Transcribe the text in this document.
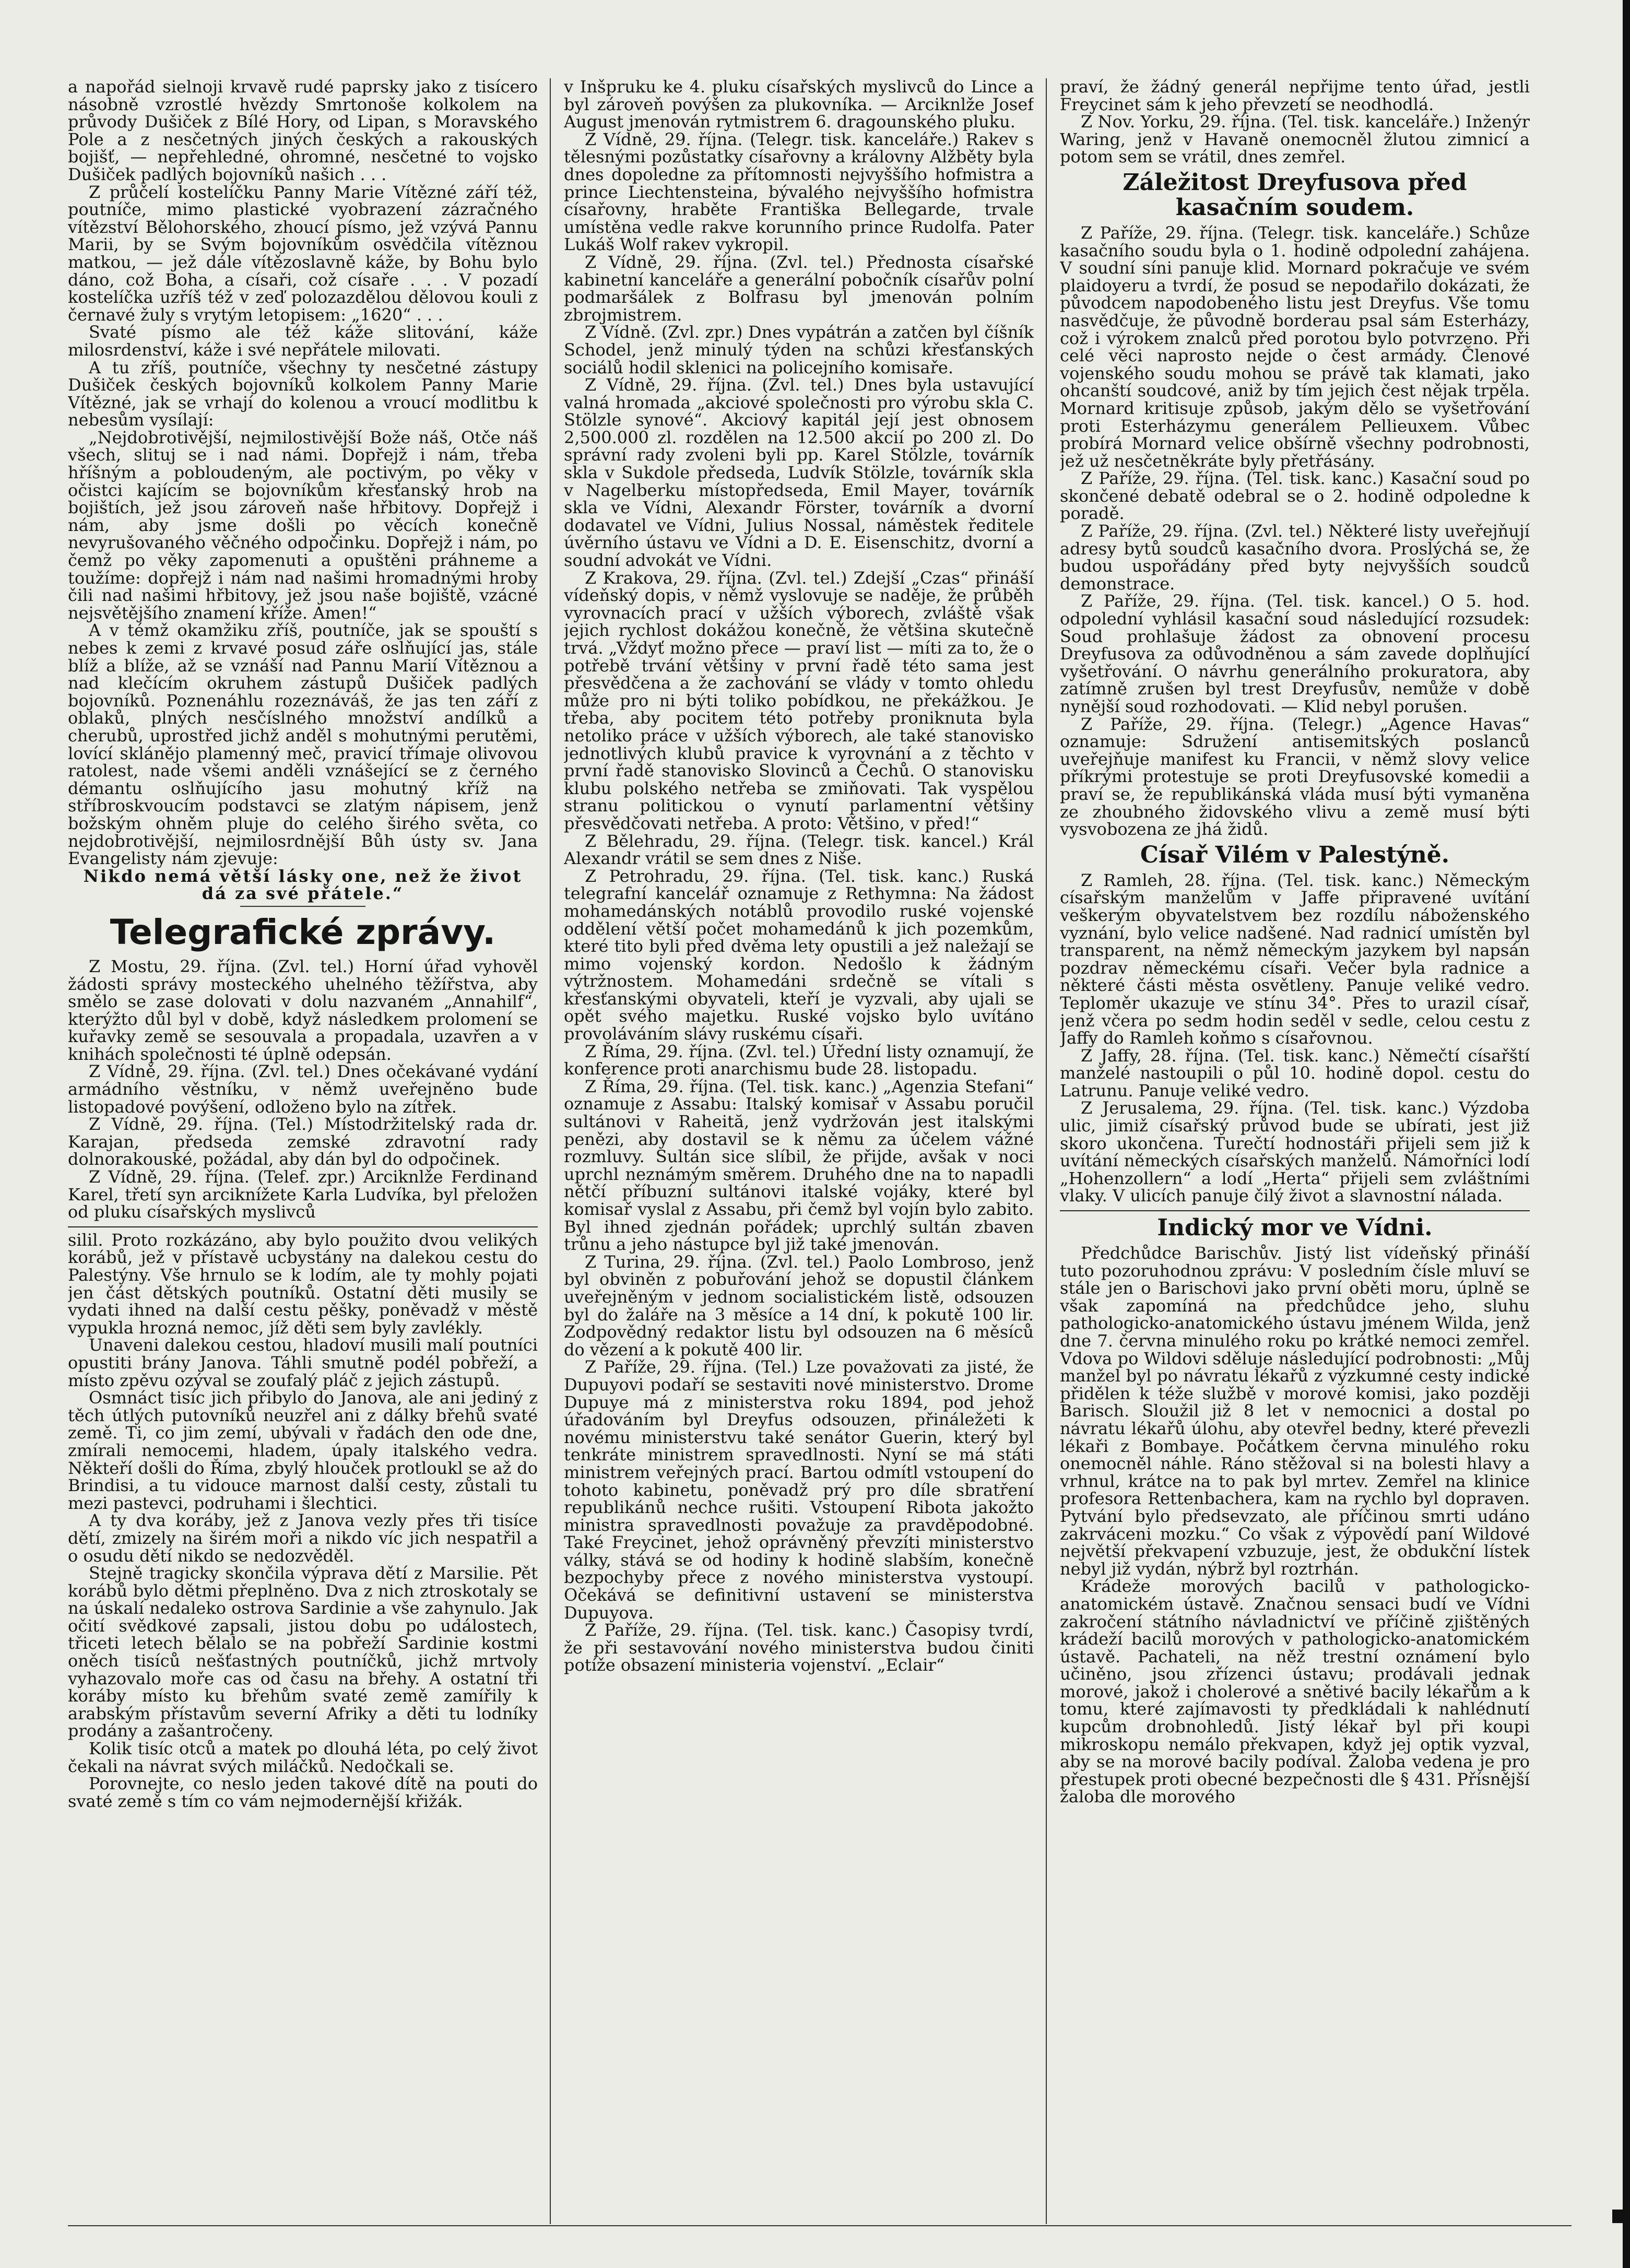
a napořád sielnoji krvavě rudé paprsky jako z tisícero násobně vzrostlé hvězdy Smrtonoše kolkolem na průvody Dušiček z Bílé Hory, od Lipan, s Moravského Pole a z nesčetných jiných českých a rakouských bojišť, — nepřehledné, ohromné, nesčetné to vojsko Dušiček padlých bojovníků našich . . .

Z průčelí kostelíčku Panny Marie Vítězné září též, poutníče, mimo plastické vyobrazení zázračného vítězství Bělohorského, zhoucí písmo, jež vzývá Pannu Marii, by se Svým bojovníkům osvědčila vítěznou matkou, — jež dále vítězoslavně káže, by Bohu bylo dáno, což Boha, a císaři, což císaře . . . V pozadí kostelíčka uzříš též v zeď polozazdělou dělovou kouli z černavé žuly s vrytým letopisem: „1620“ . . .

Svaté písmo ale též káže slitování, káže milosrdenství, káže i své nepřátele milovati.

A tu zříš, poutníče, všechny ty nesčetné zástupy Dušiček českých bojovníků kolkolem Panny Marie Vítězné, jak se vrhají do kolenou a vroucí modlitbu k nebesům vysílají:

„Nejdobrotivější, nejmilostivější Bože náš, Otče náš všech, slituj se i nad námi. Dopřejž i nám, třeba hříšným a pobloudeným, ale poctivým, po věky v očistci kajícím se bojovníkům křesťanský hrob na bojištích, jež jsou zároveň naše hřbitovy. Dopřejž i nám, aby jsme došli po věcích konečně nevyrušovaného věčného odpočinku. Dopřejž i nám, po čemž po věky zapomenuti a opuštěni práhneme a toužíme: dopřejž i nám nad našimi hromadnými hroby čili nad našimi hřbitovy, jež jsou naše bojiště, vzácné nejsvětějšího znamení kříže. Amen!“

A v témž okamžiku zříš, poutníče, jak se spouští s nebes k zemi z krvavé posud záře oslňující jas, stále blíž a blíže, až se vznáší nad Pannu Marií Vítěznou a nad klečícím okruhem zástupů Dušiček padlých bojovníků. Poznenáhlu rozeznáváš, že jas ten září z oblaků, plných nesčíslného množství andílků a cherubů, uprostřed jichž anděl s mohutnými perutěmi, lovící sklánějo plamenný meč, pravicí třímaje olivovou ratolest, nade všemi anděli vznášející se z černého démantu oslňujícího jasu mohutný kříž na stříbroskvoucím podstavci se zlatým nápisem, jenž božským ohněm pluje do celého širého světa, co nejdobrotivější, nejmilosrdnější Bůh ústy sv. Jana Evangelisty nám zjevuje:

Nikdo nemá větší lásky one, než že život dá za své přátele.“

Telegrafické zprávy.

Z Mostu, 29. října. (Zvl. tel.) Horní úřad vyhověl žádosti správy mosteckého uhelného těžířstva, aby smělo se zase dolovati v dolu nazvaném „Annahilf“, kterýžto důl byl v době, když následkem prolomení se kuřavky země se sesouvala a propadala, uzavřen a v knihách společnosti té úplně odepsán.

Z Vídně, 29. října. (Zvl. tel.) Dnes očekávané vydání armádního věstníku, v němž uveřejněno bude listopadové povýšení, odloženo bylo na zítřek.

Z Vídně, 29. října. (Tel.) Místodržitelský rada dr. Karajan, předseda zemské zdravotní rady dolnorakouské, požádal, aby dán byl do odpočinek.

Z Vídně, 29. října. (Telef. zpr.) Arciknlže Ferdinand Karel, třetí syn arciknížete Karla Ludvíka, byl přeložen od pluku císařských myslivců

silil. Proto rozkázáno, aby bylo použito dvou velikých korábů, jež v přístavě ucbystány na dalekou cestu do Palestýny. Vše hrnulo se k lodím, ale ty mohly pojati jen část dětských poutníků. Ostatní děti musily se vydati ihned na další cestu pěšky, poněvadž v městě vypukla hrozná nemoc, jíž děti sem byly zavlékly.

Unaveni dalekou cestou, hladoví musili malí poutníci opustiti brány Janova. Táhli smutně podél pobřeží, a místo zpěvu ozýval se zoufalý pláč z jejich zástupů.

Osmnáct tisíc jich přibylo do Janova, ale ani jediný z těch útlých putovníků neuzřel ani z dálky břehů svaté země. Ti, co jim zemí, ubývali v řadách den ode dne, zmírali nemocemi, hladem, úpaly italského vedra. Někteří došli do Říma, zbylý hlouček protloukl se až do Brindisi, a tu vidouce marnost další cesty, zůstali tu mezi pastevci, podruhami i šlechtici.

A ty dva koráby, jež z Janova vezly přes tři tisíce dětí, zmizely na širém moři a nikdo víc jich nespatřil a o osudu dětí nikdo se nedozvěděl.

Stejně tragicky skončila výprava dětí z Marsilie. Pět korábů bylo dětmi přeplněno. Dva z nich ztroskotaly se na úskalí nedaleko ostrova Sardinie a vše zahynulo. Jak očití svědkové zapsali, jistou dobu po událostech, třiceti letech bělalo se na pobřeží Sardinie kostmi oněch tisíců nešťastných poutníčků, jichž mrtvoly vyhazovalo moře cas od času na břehy. A ostatní tři koráby místo ku břehům svaté země zamířily k arabským přístavům severní Afriky a děti tu lodníky prodány a zašantročeny.

Kolik tisíc otců a matek po dlouhá léta, po celý život čekali na návrat svých miláčků. Nedočkali se.

Porovnejte, co neslo jeden takové dítě na pouti do svaté země s tím co vám nejmodernější křižák.

v Inšpruku ke 4. pluku císařských myslivců do Lince a byl zároveň povýšen za plukovníka. — Arciknlže Josef August jmenován rytmistrem 6. dragounského pluku.

Z Vídně, 29. října. (Telegr. tisk. kanceláře.) Rakev s tělesnými pozůstatky císařovny a královny Alžběty byla dnes dopoledne za přítomnosti nejvyššího hofmistra a prince Liechtensteina, bývalého nejvyššího hofmistra císařovny, hraběte Františka Bellegarde, trvale umístěna vedle rakve korunního prince Rudolfa. Pater Lukáš Wolf rakev vykropil.

Z Vídně, 29. října. (Zvl. tel.) Přednosta císařské kabinetní kanceláře a generální pobočník císařův polní podmaršálek z Bolfrasu byl jmenován polním zbrojmistrem.

Z Vídně. (Zvl. zpr.) Dnes vypátrán a zatčen byl číšník Schodel, jenž minulý týden na schůzi křesťanských sociálů hodil sklenici na policejního komisaře.

Z Vídně, 29. října. (Zvl. tel.) Dnes byla ustavující valná hromada „akciové společnosti pro výrobu skla C. Stölzle synové“. Akciový kapitál její jest obnosem 2,500.000 zl. rozdělen na 12.500 akcií po 200 zl. Do správní rady zvoleni byli pp. Karel Stölzle, továrník skla v Sukdole předseda, Ludvík Stölzle, továrník skla v Nagelberku místopředseda, Emil Mayer, továrník skla ve Vídni, Alexandr Förster, továrník a dvorní dodavatel ve Vídni, Julius Nossal, náměstek ředitele úvěrního ústavu ve Vídni a D. E. Eisenschitz, dvorní a soudní advokát ve Vídni.

Z Krakova, 29. října. (Zvl. tel.) Zdejší „Czas“ přináší vídeňský dopis, v němž vyslovuje se naděje, že průběh vyrovnacích prací v užších výborech, zvláště však jejich rychlost dokážou konečně, že většina skutečně trvá. „Vždyť možno přece — praví list — míti za to, že o potřebě trvání většiny v první řadě této sama jest přesvědčena a že zachování se vlády v tomto ohledu může pro ni býti toliko pobídkou, ne překážkou. Je třeba, aby pocitem této potřeby proniknuta byla netoliko práce v užších výborech, ale také stanovisko jednotlivých klubů pravice k vyrovnání a z těchto v první řadě stanovisko Slovinců a Čechů. O stanovisku klubu polského netřeba se zmiňovati. Tak vyspělou stranu politickou o vynutí parlamentní většiny přesvědčovati netřeba. A proto: Většino, v před!“

Z Bělehradu, 29. října. (Telegr. tisk. kancel.) Král Alexandr vrátil se sem dnes z Niše.

Z Petrohradu, 29. října. (Tel. tisk. kanc.) Ruská telegrafní kancelář oznamuje z Rethymna: Na žádost mohamedánských notáblů provodilo ruské vojenské oddělení větší počet mohamedánů k jich pozemkům, které tito byli před dvěma lety opustili a jež naležají se mimo vojenský kordon. Nedošlo k žádným výtržnostem. Mohamedáni srdečně se vítali s křesťanskými obyvateli, kteří je vyzvali, aby ujali se opět svého majetku. Ruské vojsko bylo uvítáno provoláváním slávy ruskému císaři.

Z Říma, 29. října. (Zvl. tel.) Úřední listy oznamují, že konference proti anarchismu bude 28. listopadu.

Z Říma, 29. října. (Tel. tisk. kanc.) „Agenzia Stefani“ oznamuje z Assabu: Italský komisař v Assabu poručil sultánovi v Raheită, jenž vydržován jest italskými penězi, aby dostavil se k němu za účelem vážné rozmluvy. Sultán sice slíbil, že přijde, avšak v noci uprchl neznámým směrem. Druhého dne na to napadli nětčí příbuzní sultánovi italské vojáky, které byl komisař vyslal z Assabu, při čemž byl vojín bylo zabito. Byl ihned zjednán pořádek; uprchlý sultán zbaven trůnu a jeho nástupce byl již také jmenován.

Z Turina, 29. října. (Zvl. tel.) Paolo Lombroso, jenž byl obviněn z pobuřování jehož se dopustil článkem uveřejněným v jednom socialistickém listě, odsouzen byl do žaláře na 3 měsíce a 14 dní, k pokutě 100 lir. Zodpovědný redaktor listu byl odsouzen na 6 měsíců do vězení a k pokutě 400 lir.

Z Paříže, 29. října. (Tel.) Lze považovati za jisté, že Dupuyovi podaří se sestaviti nové ministerstvo. Drome Dupuye má z ministerstva roku 1894, pod jehož úřadováním byl Dreyfus odsouzen, přináležeti k novému ministerstvu také senátor Guerin, který byl tenkráte ministrem spravedlnosti. Nyní se má státi ministrem veřejných prací. Bartou odmítl vstoupení do tohoto kabinetu, poněvadž prý pro díle sbratření republikánů nechce rušiti. Vstoupení Ribota jakožto ministra spravedlnosti považuje za pravděpodobné. Také Freycinet, jehož oprávněný převzíti ministerstvo války, stává se od hodiny k hodině slabším, konečně bezpochyby přece z nového ministerstva vystoupí. Očekává se definitivní ustavení se ministerstva Dupuyova.

Z Paříže, 29. října. (Tel. tisk. kanc.) Časopisy tvrdí, že při sestavování nového ministerstva budou činiti potíže obsazení ministeria vojenství. „Eclair“

praví, že žádný generál nepřijme tento úřad, jestli Freycinet sám k jeho převzetí se neodhodlá.

Z Nov. Yorku, 29. října. (Tel. tisk. kanceláře.) Inženýr Waring, jenž v Havaně onemocněl žlutou zimnicí a potom sem se vrátil, dnes zemřel.

Záležitost Dreyfusova před kasačním soudem.

Z Paříže, 29. října. (Telegr. tisk. kanceláře.) Schůze kasačního soudu byla o 1. hodině odpolední zahájena. V soudní síni panuje klid. Mornard pokračuje ve svém plaidoyeru a tvrdí, že posud se nepodařilo dokázati, že původcem napodobeného listu jest Dreyfus. Vše tomu nasvědčuje, že původně borderau psal sám Esterházy, což i výrokem znalců před porotou bylo potvrzeno. Při celé věci naprosto nejde o čest armády. Členové vojenského soudu mohou se právě tak klamati, jako ohcanští soudcové, aniž by tím jejich čest nějak trpěla. Mornard kritisuje způsob, jakým dělo se vyšetřování proti Esterházymu generálem Pellieuxem. Vůbec probírá Mornard velice obšírně všechny podrobnosti, jež už nesčetněkráte byly přetřásány.

Z Paříže, 29. října. (Tel. tisk. kanc.) Kasační soud po skončené debatě odebral se o 2. hodině odpoledne k poradě.

Z Paříže, 29. října. (Zvl. tel.) Některé listy uveřejňují adresy bytů soudců kasačního dvora. Proslýchá se, že budou uspořádány před byty nejvyšších soudců demonstrace.

Z Paříže, 29. října. (Tel. tisk. kancel.) O 5. hod. odpolední vyhlásil kasační soud následující rozsudek: Soud prohlašuje žádost za obnovení procesu Dreyfusova za odůvodněnou a sám zavede doplňující vyšetřování. O návrhu generálního prokuratora, aby zatímně zrušen byl trest Dreyfusův, nemůže v době nynější soud rozhodovati. — Klid nebyl porušen.

Z Paříže, 29. října. (Telegr.) „Agence Havas“ oznamuje: Sdružení antisemitských poslanců uveřejňuje manifest ku Francii, v němž slovy velice příkrými protestuje se proti Dreyfusovské komedii a praví se, že republikánská vláda musí býti vymaněna ze zhoubného židovského vlivu a země musí býti vysvobozena ze jhá židů.

Císař Vilém v Palestýně.

Z Ramleh, 28. října. (Tel. tisk. kanc.) Německým císařským manželům v Jaffe připravené uvítání veškerým obyvatelstvem bez rozdílu náboženského vyznání, bylo velice nadšené. Nad radnicí umístěn byl transparent, na němž německým jazykem byl napsán pozdrav německému císaři. Večer byla radnice a některé části města osvětleny. Panuje veliké vedro. Teploměr ukazuje ve stínu 34°. Přes to urazil císař, jenž včera po sedm hodin seděl v sedle, celou cestu z Jaffy do Ramleh koňmo s císařovnou.

Z Jaffy, 28. října. (Tel. tisk. kanc.) Němečtí císařští manželé nastoupili o půl 10. hodině dopol. cestu do Latrunu. Panuje veliké vedro.

Z Jerusalema, 29. října. (Tel. tisk. kanc.) Výzdoba ulic, jimiž císařský průvod bude se ubírati, jest již skoro ukončena. Turečtí hodnostáři přijeli sem již k uvítání německých císařských manželů. Námořníci lodí „Hohenzollern“ a lodí „Herta“ přijeli sem zvláštními vlaky. V ulicích panuje čilý život a slavnostní nálada.

Indický mor ve Vídni.

Předchůdce Barischův. Jistý list vídeňský přináší tuto pozoruhodnou zprávu: V posledním čísle mluví se stále jen o Barischovi jako první oběti moru, úplně se však zapomíná na předchůdce jeho, sluhu pathologicko-anatomického ústavu jménem Wilda, jenž dne 7. června minulého roku po krátké nemoci zemřel. Vdova po Wildovi sděluje následující podrobnosti: „Můj manžel byl po návratu lékařů z výzkumné cesty indické přidělen k téže službě v morové komisi, jako později Barisch. Sloužil již 8 let v nemocnici a dostal po návratu lékařů úlohu, aby otevřel bedny, které převezli lékaři z Bombaye. Počátkem června minulého roku onemocněl náhle. Ráno stěžoval si na bolesti hlavy a vrhnul, krátce na to pak byl mrtev. Zemřel na klinice profesora Rettenbachera, kam na rychlo byl dopraven. Pytvání bylo předsevzato, ale příčinou smrti udáno zakrváceni mozku.“ Co však z výpovědí paní Wildové největší překvapení vzbuzuje, jest, že obdukční lístek nebyl již vydán, nýbrž byl roztrhán.

Krádeže morových bacilů v pathologicko-anatomickém ústavě. Značnou sensaci budí ve Vídni zakročení státního návladnictví ve příčině zjištěných krádeží bacilů morových v pathologicko-anatomickém ústavě. Pachateli, na něž trestní oznámení bylo učiněno, jsou zřízenci ústavu; prodávali jednak morové, jakož i cholerové a snětivé bacily lékařům a k tomu, které zajímavosti ty předkládali k nahlédnutí kupcům drobnohledů. Jistý lékař byl při koupi mikroskopu nemálo překvapen, když jej optik vyzval, aby se na morové bacily podíval. Žaloba vedena je pro přestupek proti obecné bezpečnosti dle § 431. Přísnější žaloba dle morového
